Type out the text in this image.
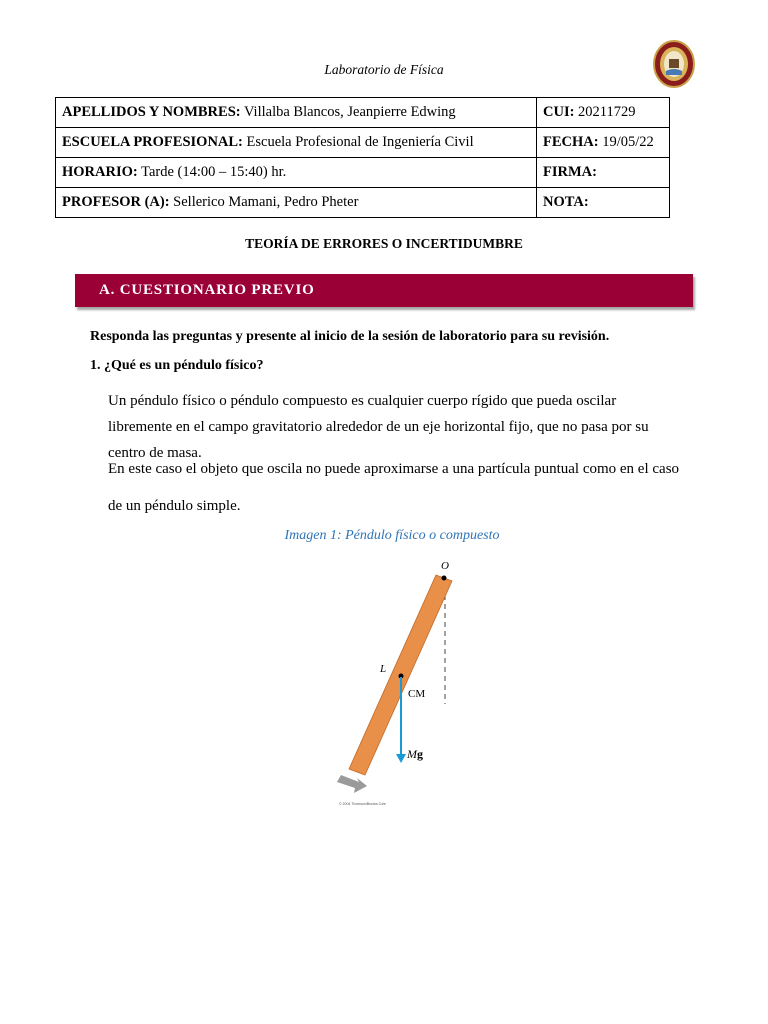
Laboratorio de Física
APELLIDOS Y NOMBRES: Villalba Blancos, Jeanpierre Edwing	CUI: 20211729
ESCUELA PROFESIONAL: Escuela Profesional de Ingeniería Civil	FECHA: 19/05/22
HORARIO: Tarde (14:00 – 15:40) hr.	FIRMA:
PROFESOR (A): Sellerico Mamani, Pedro Pheter	NOTA:
TEORÍA DE ERRORES O INCERTIDUMBRE
A. CUESTIONARIO PREVIO
Responda las preguntas y presente al inicio de la sesión de laboratorio para su revisión.
1. ¿Qué es un péndulo físico?
Un péndulo físico o péndulo compuesto es cualquier cuerpo rígido que pueda oscilar libremente en el campo gravitatorio alrededor de un eje horizontal fijo, que no pasa por su centro de masa.
En este caso el objeto que oscila no puede aproximarse a una partícula puntual como en el caso de un péndulo simple.
Imagen 1: Péndulo físico o compuesto
O
L
CM
Mg
© 2004 Thomson/Brooks Cole
